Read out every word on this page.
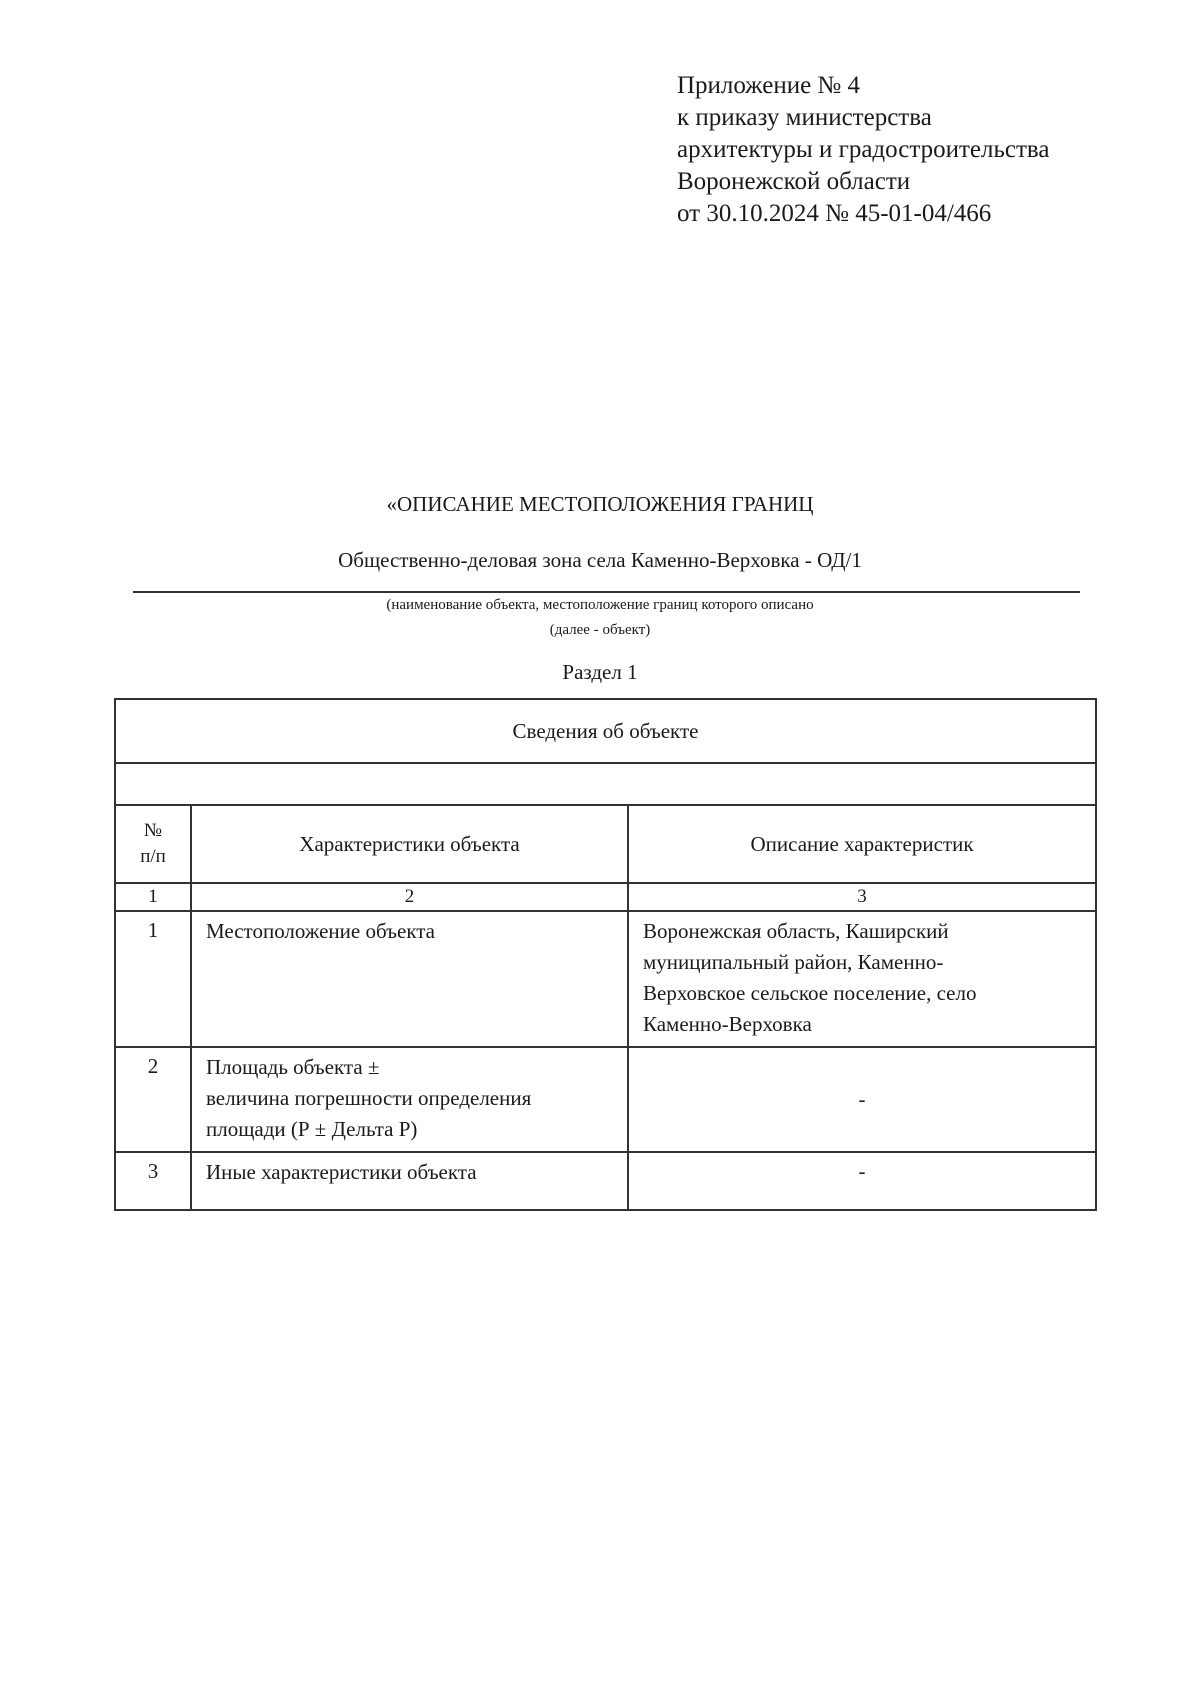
Приложение № 4
к приказу министерства
архитектуры и градостроительства
Воронежской области
от 30.10.2024 № 45-01-04/466
«ОПИСАНИЕ МЕСТОПОЛОЖЕНИЯ ГРАНИЦ
Общественно-деловая зона села Каменно-Верховка - ОД/1
(наименование объекта, местоположение границ которого описано
(далее - объект)
Раздел 1
Сведения об объекте		

№
п/п	Характеристики объекта	Описание характеристик
1	2	3
1	Местоположение объекта	Воронежская область, Каширский
муниципальный район, Каменно-
Верховское сельское поселение, село
Каменно-Верховка

2	Площадь объекта ±
величина погрешности определения
площади (Р ± Дельта Р)	-
3	Иные характеристики объекта	-
